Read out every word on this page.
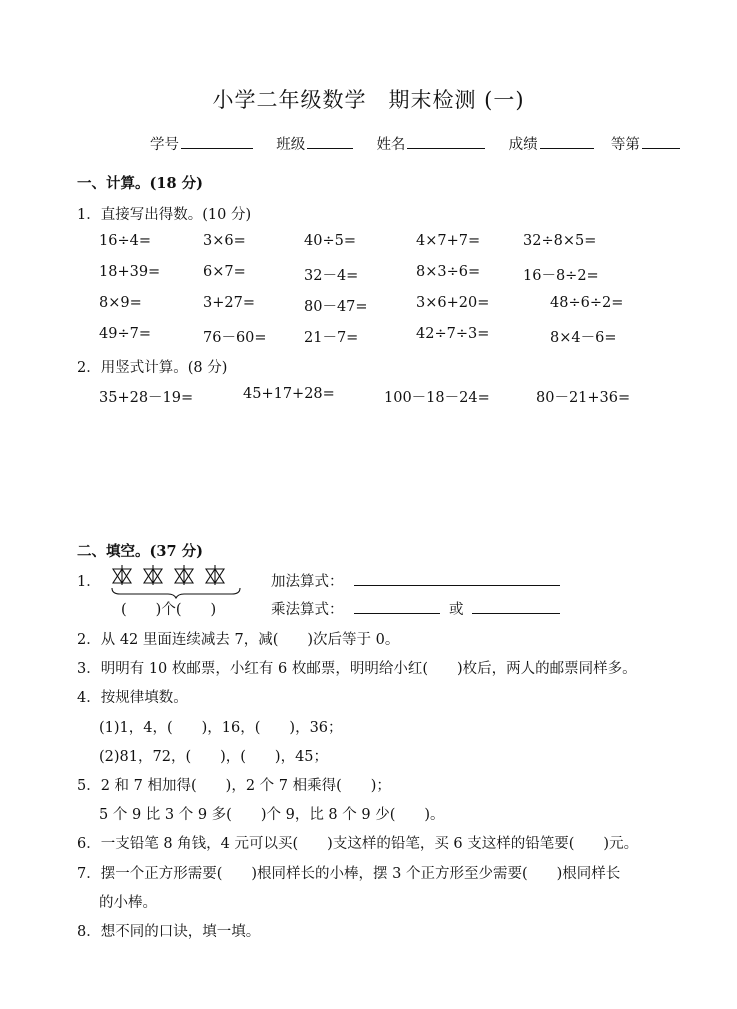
小学二年级数学　期末检测 (一)
学号	班级	姓名	成绩	等第
一、计算。(18 分)
1．直接写出得数。(10 分)
16÷4=	3×6=	40÷5=	4×7+7=	32÷8×5=
18+39=	6×7=	32－4=	8×3÷6=	16－8÷2=
8×9=	3+27=	80－47=	3×6+20=	48÷6÷2=
49÷7=	76－60=	21－7=	42÷7÷3=	8×4－6=
2．用竖式计算。(8 分)
35+28－19=	45+17+28=	100－18－24=	80－21+36=
二、填空。(37 分)
1．
(　　)个(　　)
加法算式：
乘法算式：	或
2．从 42 里面连续减去 7，减(　　)次后等于 0。
3．明明有 10 枚邮票，小红有 6 枚邮票，明明给小红(　　)枚后，两人的邮票同样多。
4．按规律填数。
(1)1，4，(　　)，16，(　　)，36；
(2)81，72，(　　)，(　　)，45；
5．2 和 7 相加得(　　)，2 个 7 相乘得(　　)；
5 个 9 比 3 个 9 多(　　)个 9，比 8 个 9 少(　　)。
6．一支铅笔 8 角钱，4 元可以买(　　)支这样的铅笔，买 6 支这样的铅笔要(　　)元。
7．摆一个正方形需要(　　)根同样长的小棒，摆 3 个正方形至少需要(　　)根同样长
的小棒。
8．想不同的口诀，填一填。
